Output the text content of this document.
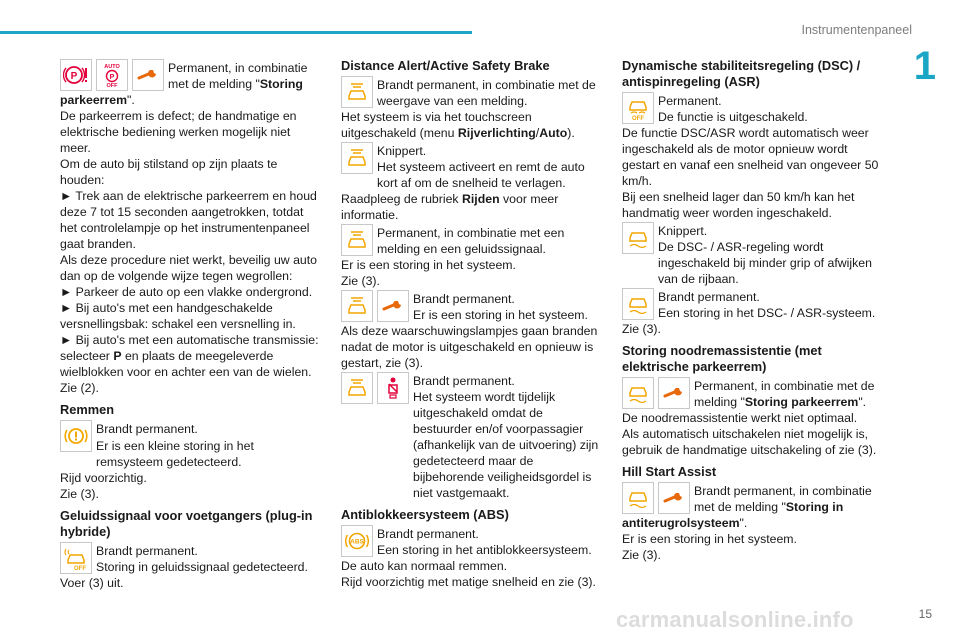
Instrumentenpaneel
1
15
carmanualsonline.info
P
AUTO
P
OFF

Permanent, in combinatie
met de melding "Storing

parkeerrem".

De parkeerrem is defect; de handmatige en elektrische bediening werken mogelijk niet meer.

Om de auto bij stilstand op zijn plaats te houden:

► Trek aan de elektrische parkeerrem en houd deze 7 tot 15 seconden aangetrokken, totdat het controlelampje op het instrumentenpaneel gaat branden.

Als deze procedure niet werkt, beveilig uw auto dan op de volgende wijze tegen wegrollen:

► Parkeer de auto op een vlakke ondergrond.

► Bij auto's met een handgeschakelde versnellingsbak: schakel een versnelling in.

► Bij auto's met een automatische transmissie: selecteer P en plaats de meegeleverde wielblokken voor en achter een van de wielen.

Zie (2).

Remmen

Brandt permanent.

Er is een kleine storing in het remsysteem gedetecteerd.

Rijd voorzichtig.

Zie (3).

Geluidssignaal voor voetgangers (plug-in hybride)
OFF

Brandt permanent.
Storing in geluidssignaal gedetecteerd.

Voer (3) uit.

Distance Alert/Active Safety Brake

Brandt permanent, in combinatie met de weergave van een melding.

Het systeem is via het touchscreen uitgeschakeld (menu Rijverlichting/Auto).

Knippert.
Het systeem activeert en remt de auto kort af om de snelheid te verlagen.

Raadpleeg de rubriek Rijden voor meer informatie.

Permanent, in combinatie met een melding en een geluidssignaal.

Er is een storing in het systeem.

Zie (3).

Brandt permanent.
Er is een storing in het systeem.

Als deze waarschuwingslampjes gaan branden nadat de motor is uitgeschakeld en opnieuw is gestart, zie (3).

Brandt permanent.

Het systeem wordt tijdelijk uitgeschakeld omdat de bestuurder en/of voorpassagier (afhankelijk van de uitvoering) zijn gedetecteerd maar de bijbehorende veiligheidsgordel is niet vastgemaakt.

Antiblokkeersysteem (ABS)
ABS

Brandt permanent.
Een storing in het antiblokkeersysteem.

De auto kan normaal remmen.

Rijd voorzichtig met matige snelheid en zie (3).

Dynamische stabiliteitsregeling (DSC) / antispinregeling (ASR)
OFF

Permanent.
De functie is uitgeschakeld.

De functie DSC/ASR wordt automatisch weer ingeschakeld als de motor opnieuw wordt gestart en vanaf een snelheid van ongeveer 50 km/h.

Bij een snelheid lager dan 50 km/h kan het handmatig weer worden ingeschakeld.

Knippert.
De DSC- / ASR-regeling wordt ingeschakeld bij minder grip of afwijken van de rijbaan.

Brandt permanent.
Een storing in het DSC- / ASR-systeem.

Zie (3).

Storing noodremassistentie (met elektrische parkeerrem)

Permanent, in combinatie met de
melding "Storing parkeerrem".

De noodremassistentie werkt niet optimaal.

Als automatisch uitschakelen niet mogelijk is, gebruik de handmatige uitschakeling of zie (3).

Hill Start Assist

Brandt permanent, in combinatie
met de melding "Storing in

antiterugrolsysteem".

Er is een storing in het systeem.

Zie (3).
